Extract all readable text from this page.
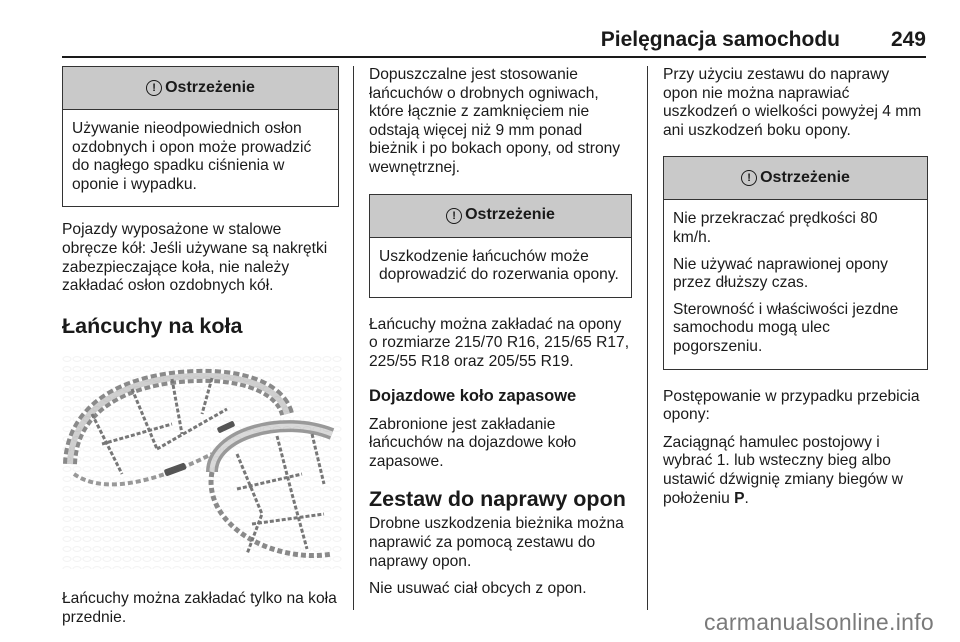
Pielęgnacja samochodu 249
! Ostrzeżenie

Używanie nieodpowiednich osłon ozdobnych i opon może prowadzić do nagłego spadku ciśnienia w oponie i wypadku.

Pojazdy wyposażone w stalowe obręcze kół: Jeśli używane są nakrętki zabezpieczające koła, nie należy zakładać osłon ozdobnych kół.

Łańcuchy na koła

Łańcuchy można zakładać tylko na koła przednie.

Dopuszczalne jest stosowanie łańcuchów o drobnych ogniwach, które łącznie z zamknięciem nie odstają więcej niż 9 mm ponad bieżnik i po bokach opony, od strony wewnętrznej.

! Ostrzeżenie

Uszkodzenie łańcuchów może doprowadzić do rozerwania opony.

Łańcuchy można zakładać na opony o rozmiarze 215/70 R16, 215/65 R17, 225/55 R18 oraz 205/55 R19.

Dojazdowe koło zapasowe

Zabronione jest zakładanie łańcuchów na dojazdowe koło zapasowe.

Zestaw do naprawy opon

Drobne uszkodzenia bieżnika można naprawić za pomocą zestawu do naprawy opon.

Nie usuwać ciał obcych z opon.

Przy użyciu zestawu do naprawy opon nie można naprawiać uszkodzeń o wielkości powyżej 4 mm ani uszkodzeń boku opony.

! Ostrzeżenie

Nie przekraczać prędkości 80 km/h.

Nie używać naprawionej opony przez dłuższy czas.

Sterowność i właściwości jezdne samochodu mogą ulec pogorszeniu.

Postępowanie w przypadku przebicia opony:

Zaciągnąć hamulec postojowy i wybrać 1. lub wsteczny bieg albo ustawić dźwignię zmiany biegów w położeniu P.

carmanualsonline.info
